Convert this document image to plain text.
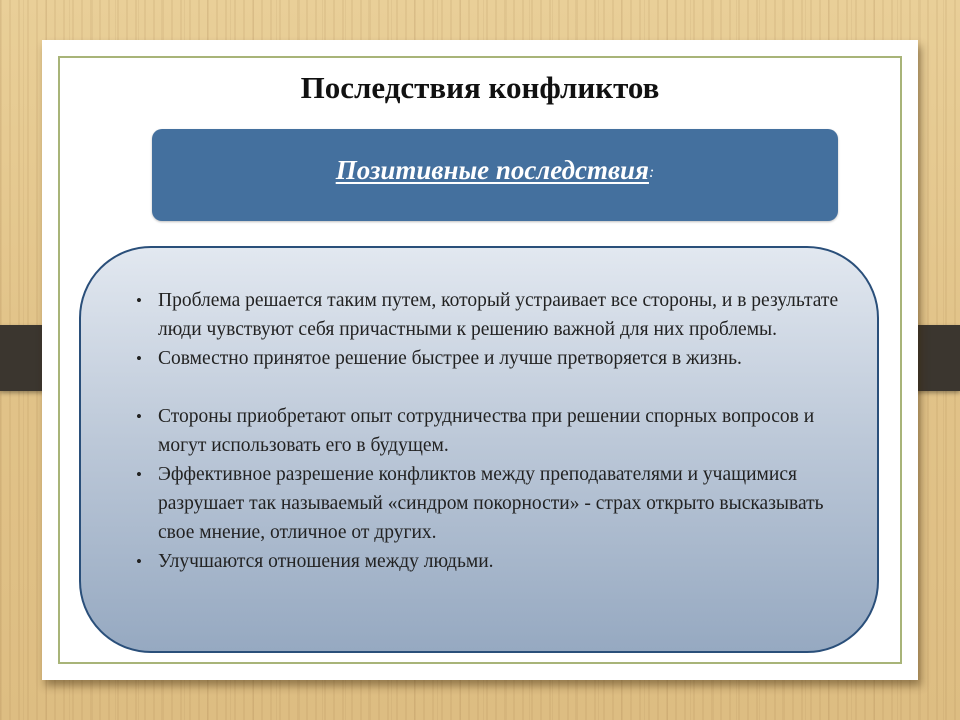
Последствия конфликтов
Позитивные последствия :
• Проблема решается таким путем, который устраивает все стороны, и в результате люди чувствуют себя причастными к решению важной для них проблемы.
• Совместно принятое решение быстрее и лучше претворяется в жизнь.
• Стороны приобретают опыт сотрудничества при решении спорных вопросов и могут использовать его в будущем.
• Эффективное разрешение конфликтов между преподавателями и учащимися разрушает так называемый «синдром покорности» - страх открыто высказывать свое мнение, отличное от других.
• Улучшаются отношения между людьми.
